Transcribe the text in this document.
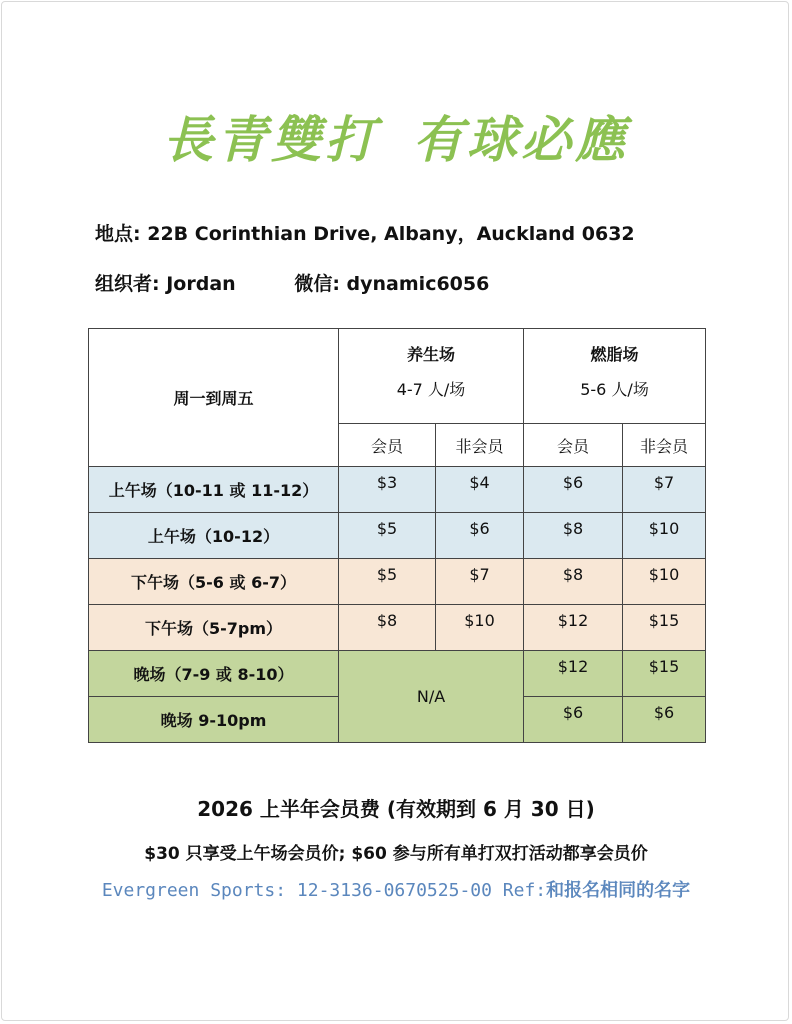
長青雙打 有球必應
地点: 22B Corinthian Drive, Albany，Auckland 0632
组织者: Jordan	微信: dynamic6056
周一到周五	养生场		燃脂场	
	4-7 人/场		5-6 人/场	
	会员	非会员	会员	非会员
上午场（10-11 或 11-12）	$3	$4	$6	$7
上午场（10-12）	$5	$6	$8	$10
下午场（5-6 或 6-7）	$5	$7	$8	$10
下午场（5-7pm）	$8	$10	$12	$15
晚场（7-9 或 8-10）	N/A		$12	$15
晚场 9-10pm			$6	$6
2026 上半年会员费 (有效期到 6 月 30 日)
$30 只享受上午场会员价; $60 参与所有单打双打活动都享会员价
Evergreen Sports: 12-3136-0670525-00 Ref:和报名相同的名字
